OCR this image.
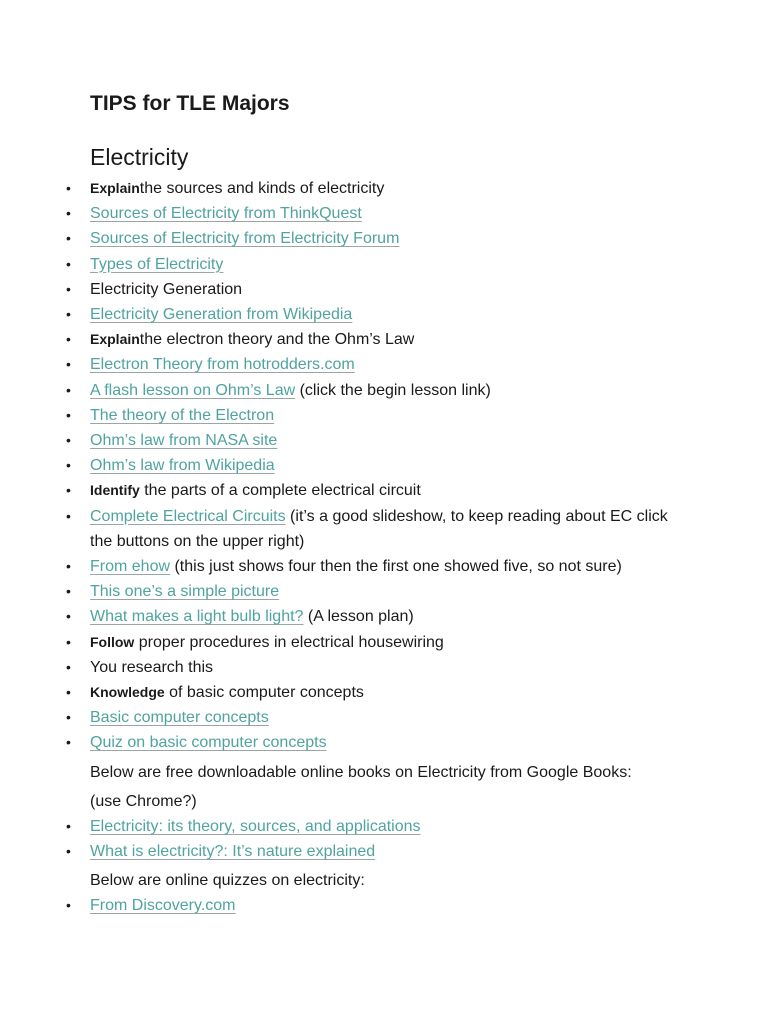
TIPS for TLE Majors
Electricity
• Explainthe sources and kinds of electricity
• Sources of Electricity from ThinkQuest
• Sources of Electricity from Electricity Forum
• Types of Electricity
• Electricity Generation
• Electricity Generation from Wikipedia
• Explainthe electron theory and the Ohm’s Law
• Electron Theory from hotrodders.com
• A flash lesson on Ohm’s Law (click the begin lesson link)
• The theory of the Electron
• Ohm’s law from NASA site
• Ohm’s law from Wikipedia
• Identify the parts of a complete electrical circuit
• Complete Electrical Circuits (it’s a good slideshow, to keep reading about EC click the buttons on the upper right)
• From ehow (this just shows four then the first one showed five, so not sure)
• This one’s a simple picture
• What makes a light bulb light? (A lesson plan)
• Follow proper procedures in electrical housewiring
• You research this
• Knowledge of basic computer concepts
• Basic computer concepts
• Quiz on basic computer concepts
Below are free downloadable online books on Electricity from Google Books:
(use Chrome?)
• Electricity: its theory, sources, and applications
• What is electricity?: It’s nature explained
Below are online quizzes on electricity:
• From Discovery.com
